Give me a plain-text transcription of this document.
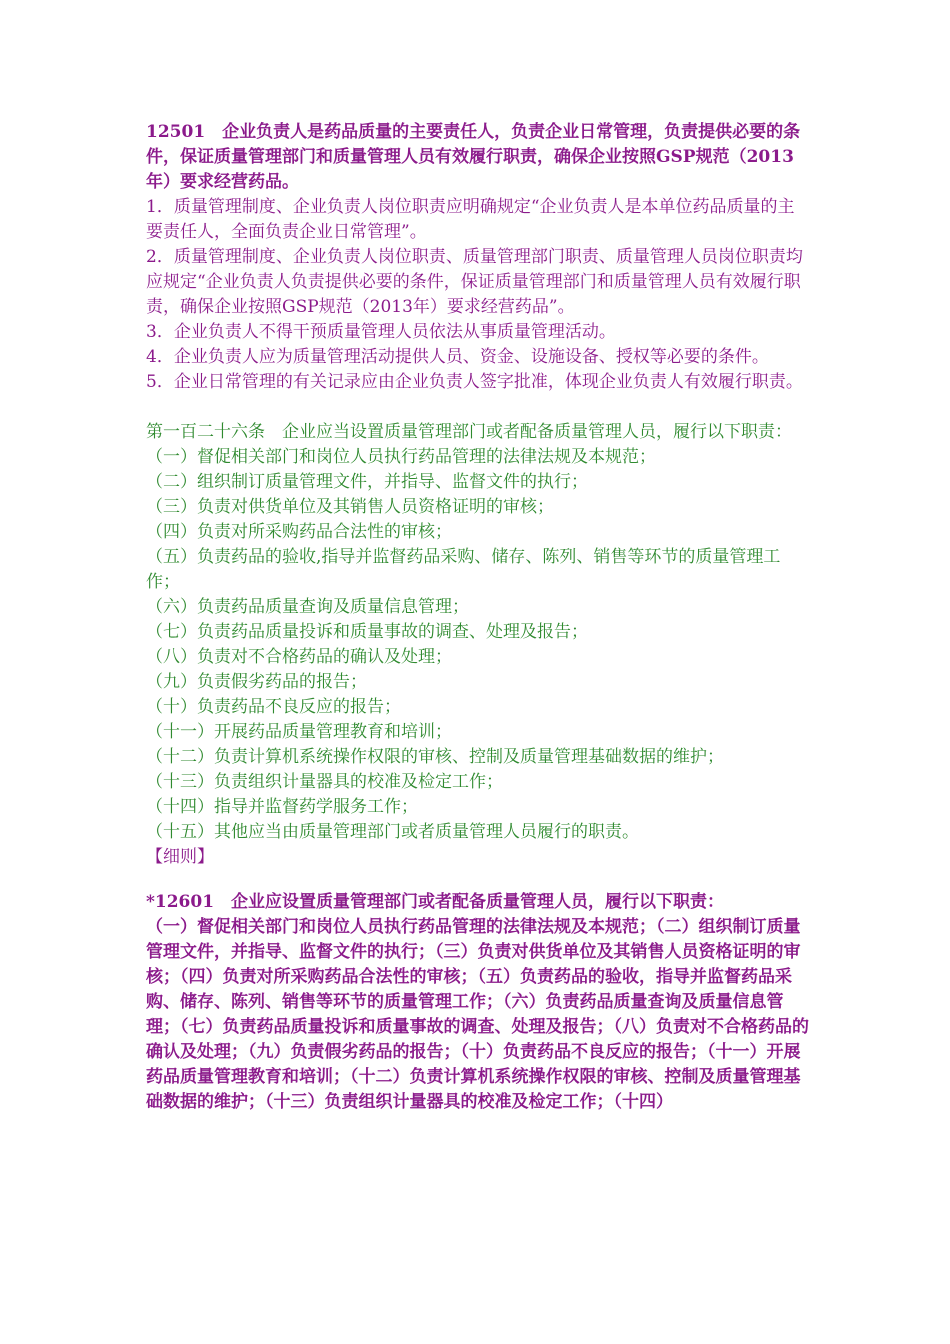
12501　企业负责人是药品质量的主要责任人，负责企业日常管理，负责提供必要的条件，保证质量管理部门和质量管理人员有效履行职责，确保企业按照GSP规范（2013年）要求经营药品。

1．质量管理制度、企业负责人岗位职责应明确规定“企业负责人是本单位药品质量的主要责任人，全面负责企业日常管理”。

2．质量管理制度、企业负责人岗位职责、质量管理部门职责、质量管理人员岗位职责均应规定“企业负责人负责提供必要的条件，保证质量管理部门和质量管理人员有效履行职责，确保企业按照GSP规范（2013年）要求经营药品”。

3．企业负责人不得干预质量管理人员依法从事质量管理活动。

4．企业负责人应为质量管理活动提供人员、资金、设施设备、授权等必要的条件。

5．企业日常管理的有关记录应由企业负责人签字批准，体现企业负责人有效履行职责。

第一百二十六条　企业应当设置质量管理部门或者配备质量管理人员，履行以下职责：

（一）督促相关部门和岗位人员执行药品管理的法律法规及本规范；

（二）组织制订质量管理文件，并指导、监督文件的执行；

（三）负责对供货单位及其销售人员资格证明的审核；

（四）负责对所采购药品合法性的审核；

（五）负责药品的验收,指导并监督药品采购、储存、陈列、销售等环节的质量管理工作；

（六）负责药品质量查询及质量信息管理；

（七）负责药品质量投诉和质量事故的调查、处理及报告；

（八）负责对不合格药品的确认及处理；

（九）负责假劣药品的报告；

（十）负责药品不良反应的报告；

（十一）开展药品质量管理教育和培训；

（十二）负责计算机系统操作权限的审核、控制及质量管理基础数据的维护；

（十三）负责组织计量器具的校准及检定工作；

（十四）指导并监督药学服务工作；

（十五）其他应当由质量管理部门或者质量管理人员履行的职责。

【细则】

*12601　企业应设置质量管理部门或者配备质量管理人员，履行以下职责：

（一）督促相关部门和岗位人员执行药品管理的法律法规及本规范；（二）组织制订质量管理文件，并指导、监督文件的执行；（三）负责对供货单位及其销售人员资格证明的审核；（四）负责对所采购药品合法性的审核；（五）负责药品的验收，指导并监督药品采购、储存、陈列、销售等环节的质量管理工作；（六）负责药品质量查询及质量信息管理；（七）负责药品质量投诉和质量事故的调查、处理及报告；（八）负责对不合格药品的确认及处理；（九）负责假劣药品的报告；（十）负责药品不良反应的报告；（十一）开展药品质量管理教育和培训；（十二）负责计算机系统操作权限的审核、控制及质量管理基础数据的维护；（十三）负责组织计量器具的校准及检定工作；（十四）
